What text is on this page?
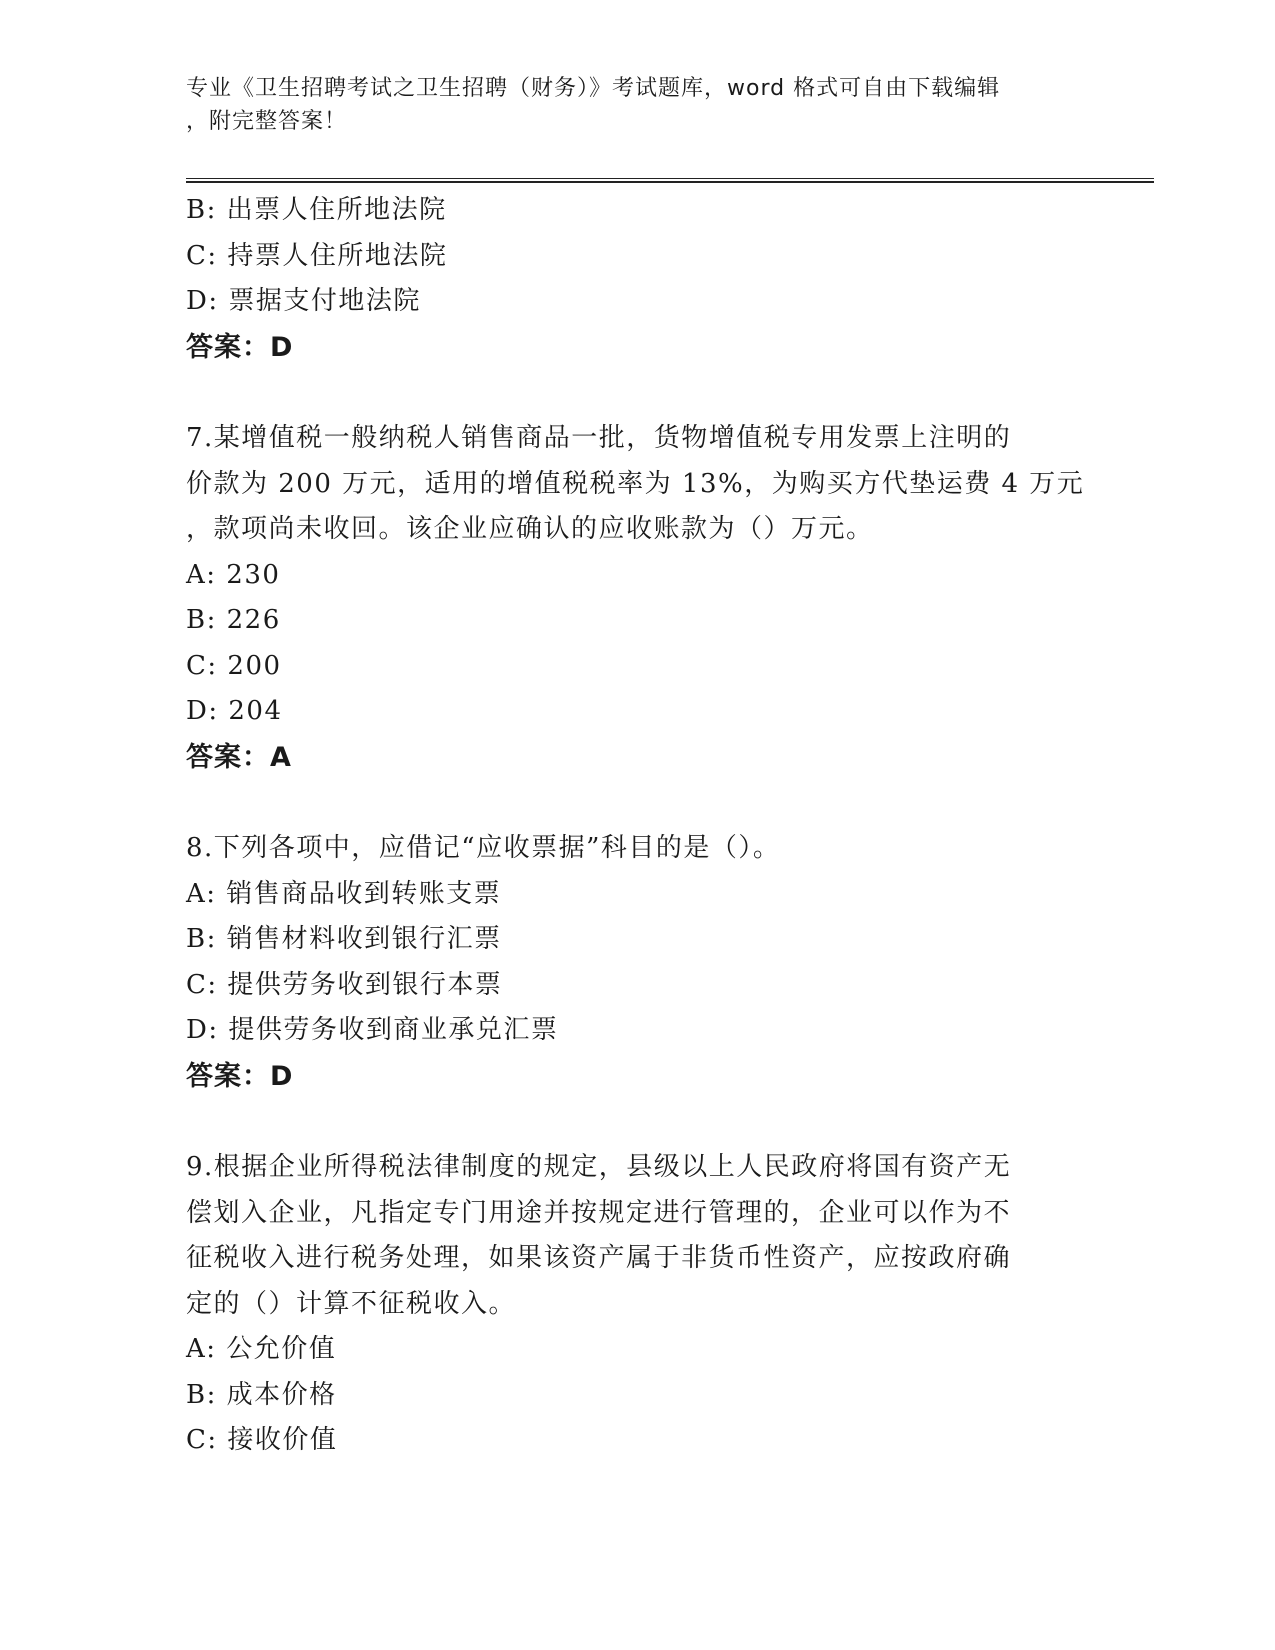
专业《卫生招聘考试之卫生招聘（财务）》考试题库，word 格式可自由下载编辑
，附完整答案！

B: 出票人住所地法院

C: 持票人住所地法院

D: 票据支付地法院

答案：D

7.某增值税一般纳税人销售商品一批，货物增值税专用发票上注明的

价款为 200 万元，适用的增值税税率为 13%，为购买方代垫运费 4 万元

，款项尚未收回。该企业应确认的应收账款为（）万元。

A: 230

B: 226

C: 200

D: 204

答案：A

8.下列各项中，应借记“应收票据”科目的是（）。

A: 销售商品收到转账支票

B: 销售材料收到银行汇票

C: 提供劳务收到银行本票

D: 提供劳务收到商业承兑汇票

答案：D

9.根据企业所得税法律制度的规定，县级以上人民政府将国有资产无

偿划入企业，凡指定专门用途并按规定进行管理的，企业可以作为不

征税收入进行税务处理，如果该资产属于非货币性资产，应按政府确

定的（）计算不征税收入。

A: 公允价值

B: 成本价格

C: 接收价值
